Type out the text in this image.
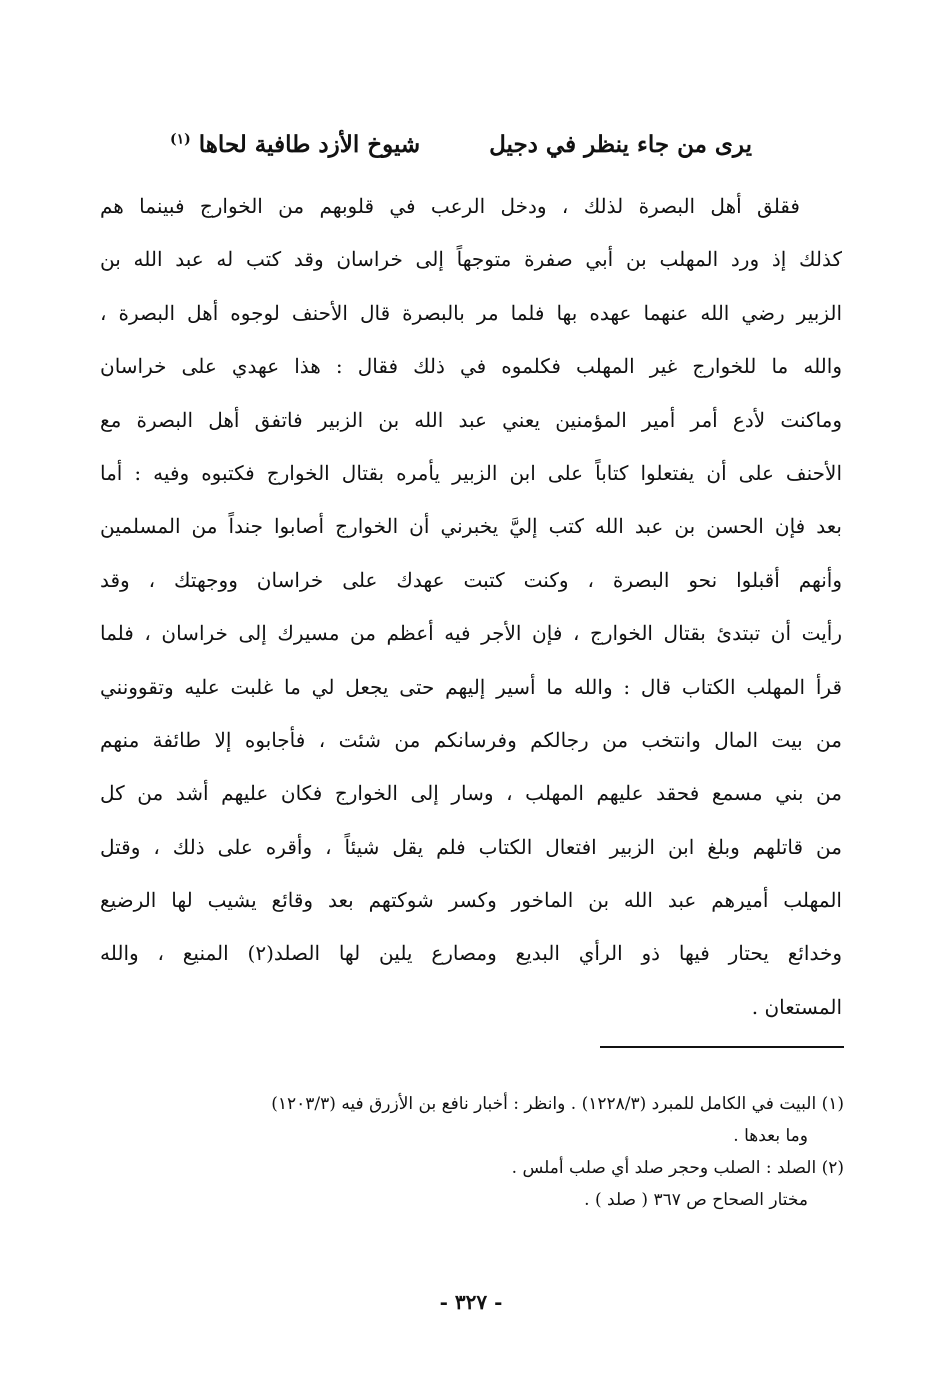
يرى من جاء ينظر في دجيل
شيوخ الأزد طافية لحاها $^{(١)}$
فقلق أهل البصرة لذلك ، ودخل الرعب في قلوبهم من الخوارج فبينما هم
كذلك إذ ورد المهلب بن أبي صفرة متوجهاً إلى خراسان وقد كتب له عبد الله بن
الزبير رضي الله عنهما عهده بها فلما مر بالبصرة قال الأحنف لوجوه أهل البصرة ،
والله ما للخوارج غير المهلب فكلموه في ذلك فقال : هذا عهدي على خراسان
وماكنت لأدع أمر أمير المؤمنين يعني عبد الله بن الزبير فاتفق أهل البصرة مع
الأحنف على أن يفتعلوا كتاباً على ابن الزبير يأمره بقتال الخوارج فكتبوه وفيه : أما
بعد فإن الحسن بن عبد الله كتب إليَّ يخبرني أن الخوارج أصابوا جنداً من المسلمين
وأنهم أقبلوا نحو البصرة ، وكنت كتبت عهدك على خراسان ووجهتك ، وقد
رأيت أن تبتدئ بقتال الخوارج ، فإن الأجر فيه أعظم من مسيرك إلى خراسان ، فلما
قرأ المهلب الكتاب قال : والله ما أسير إليهم حتى يجعل لي ما غلبت عليه وتقوونني
من بيت المال وانتخب من رجالكم وفرسانكم من شئت ، فأجابوه إلا طائفة منهم
من بني مسمع فحقد عليهم المهلب ، وسار إلى الخوارج فكان عليهم أشد من كل
من قاتلهم وبلغ ابن الزبير افتعال الكتاب فلم يقل شيئاً ، وأقره على ذلك ، وقتل
المهلب أميرهم عبد الله بن الماخور وكسر شوكتهم بعد وقائع يشيب لها الرضيع
وخدائع يحتار فيها ذو الرأي البديع ومصارع يلين لها الصلد(٢) المنيع ، والله
المستعان .
(١) البيت في الكامل للمبرد (١٢٢٨/٣) . وانظر : أخبار نافع بن الأزرق فيه (١٢٠٣/٣)
وما بعدها .
(٢) الصلد : الصلب وحجر صلد أي صلب أملس .
مختار الصحاح ص ٣٦٧ ( صلد ) .
- ٣٢٧ -
